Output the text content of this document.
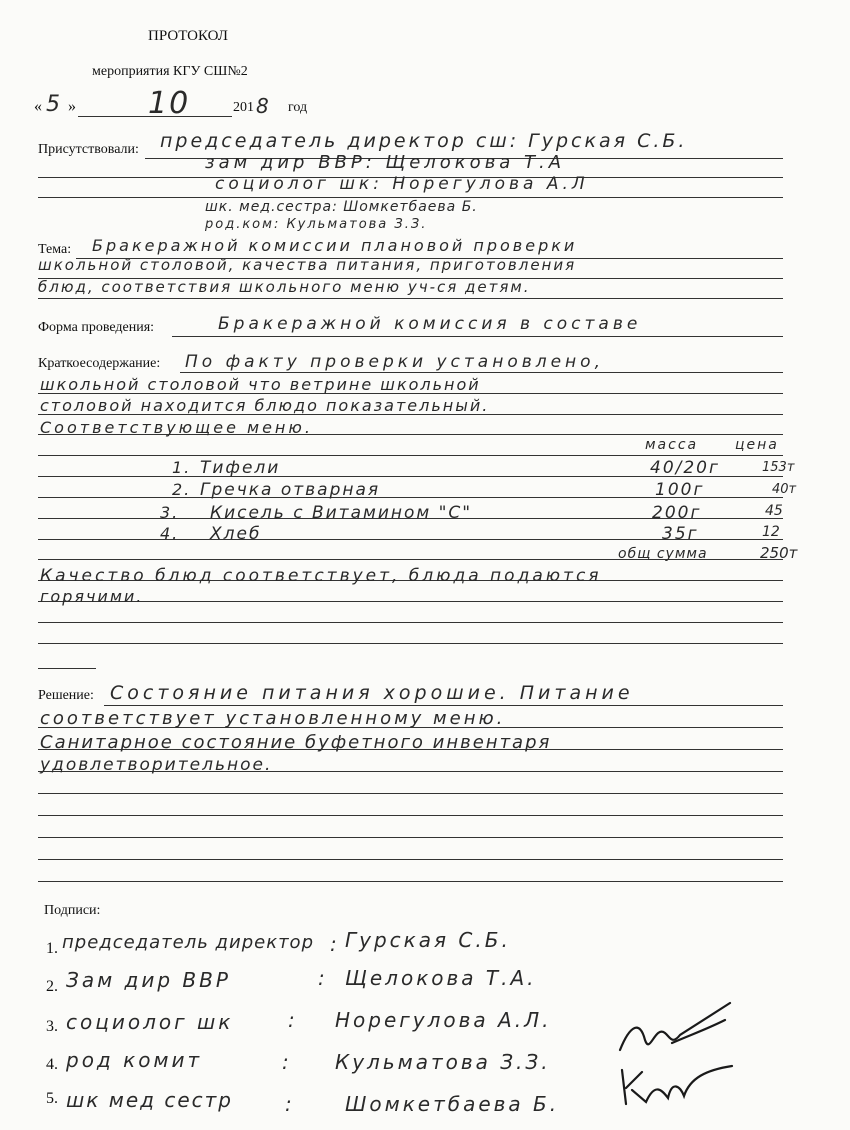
ПРОТОКОЛ
мероприятия КГУ СШ№2
« 5 » 10	201 8 год
Присутствовали: председатель директор сш: Гурская С.Б.
зам дир ВВР: Щелокова Т.А
социолог шк: Норегулова А.Л
шк. мед.сестра: Шомкетбаева Б.
род.ком: Кульматова З.З.
Тема: Бракеражной комиссии плановой проверки
школьной столовой, качества питания, приготовления
блюд, соответствия школьного меню уч-ся детям.
Форма проведения:	Бракеражной комиссия в составе
Краткоесодержание: По факту проверки установлено,
школьной столовой что ветрине школьной
столовой находится блюдо показательный.
Соответствующее меню.
масса	цена
1. Тифели	40/20г	153т
2. Гречка отварная	100г	40т
3. Кисель с Витамином "С"	200г	45
4. Хлеб	35г	12
общ сумма	250т
Качество блюд соответствует, блюда подаются
горячими.
Решение: Состояние питания хорошие. Питание
соответствует установленному меню.
Санитарное состояние буфетного инвентаря
удовлетворительное.
Подписи:
1. председатель директор : Гурская С.Б.
2. Зам дир ВВР	: Щелокова Т.А.
3. социолог шк	: Норегулова А.Л.
4. род комит	: Кульматова З.З.
5. шк мед сестр	:	Шомкетбаева Б.
